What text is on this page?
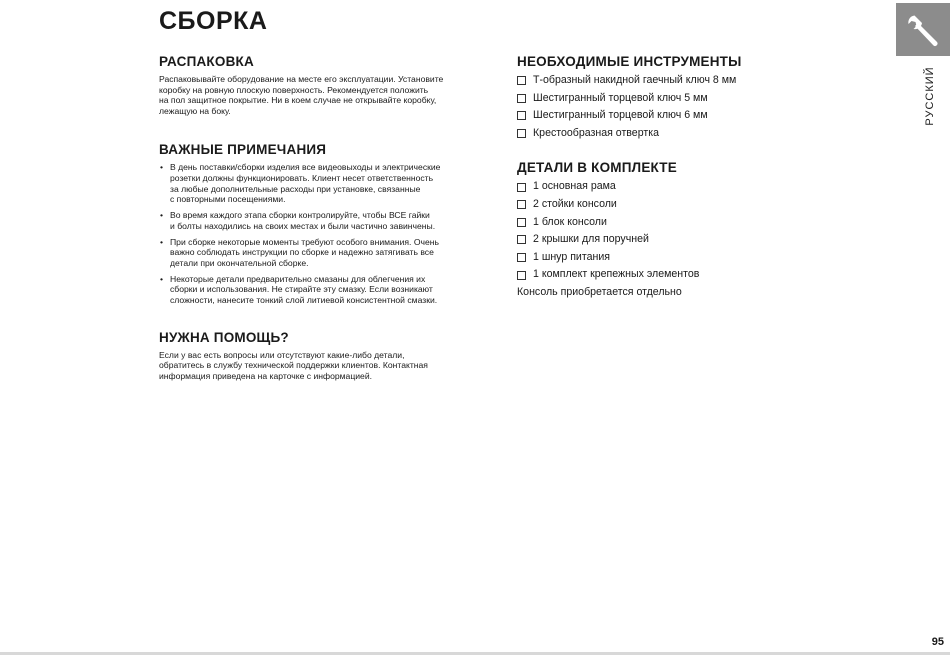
СБОРКА
РАСПАКОВКА

Распаковывайте оборудование на месте его эксплуатации. Установите
коробку на ровную плоскую поверхность. Рекомендуется положить
на пол защитное покрытие. Ни в коем случае не открывайте коробку,
лежащую на боку.

ВАЖНЫЕ ПРИМЕЧАНИЯ
• В день поставки/сборки изделия все видеовыходы и электрические
розетки должны функционировать. Клиент несет ответственность
за любые дополнительные расходы при установке, связанные
с повторными посещениями.
• Во время каждого этапа сборки контролируйте, чтобы ВСЕ гайки
и болты находились на своих местах и были частично завинчены.
• При сборке некоторые моменты требуют особого внимания. Очень
важно соблюдать инструкции по сборке и надежно затягивать все
детали при окончательной сборке.
• Некоторые детали предварительно смазаны для облегчения их
сборки и использования. Не стирайте эту смазку. Если возникают
сложности, нанесите тонкий слой литиевой консистентной смазки.
НУЖНА ПОМОЩЬ?

Если у вас есть вопросы или отсутствуют какие-либо детали,
обратитесь в службу технической поддержки клиентов. Контактная
информация приведена на карточке с информацией.

НЕОБХОДИМЫЕ ИНСТРУМЕНТЫ
Т-образный накидной гаечный ключ 8 мм
Шестигранный торцевой ключ 5 мм
Шестигранный торцевой ключ 6 мм
Крестообразная отвертка
ДЕТАЛИ В КОМПЛЕКТЕ
1 основная рама
2 стойки консоли
1 блок консоли
2 крышки для поручней
1 шнур питания
1 комплект крепежных элементов
Консоль приобретается отдельно
РУССКИЙ
95
